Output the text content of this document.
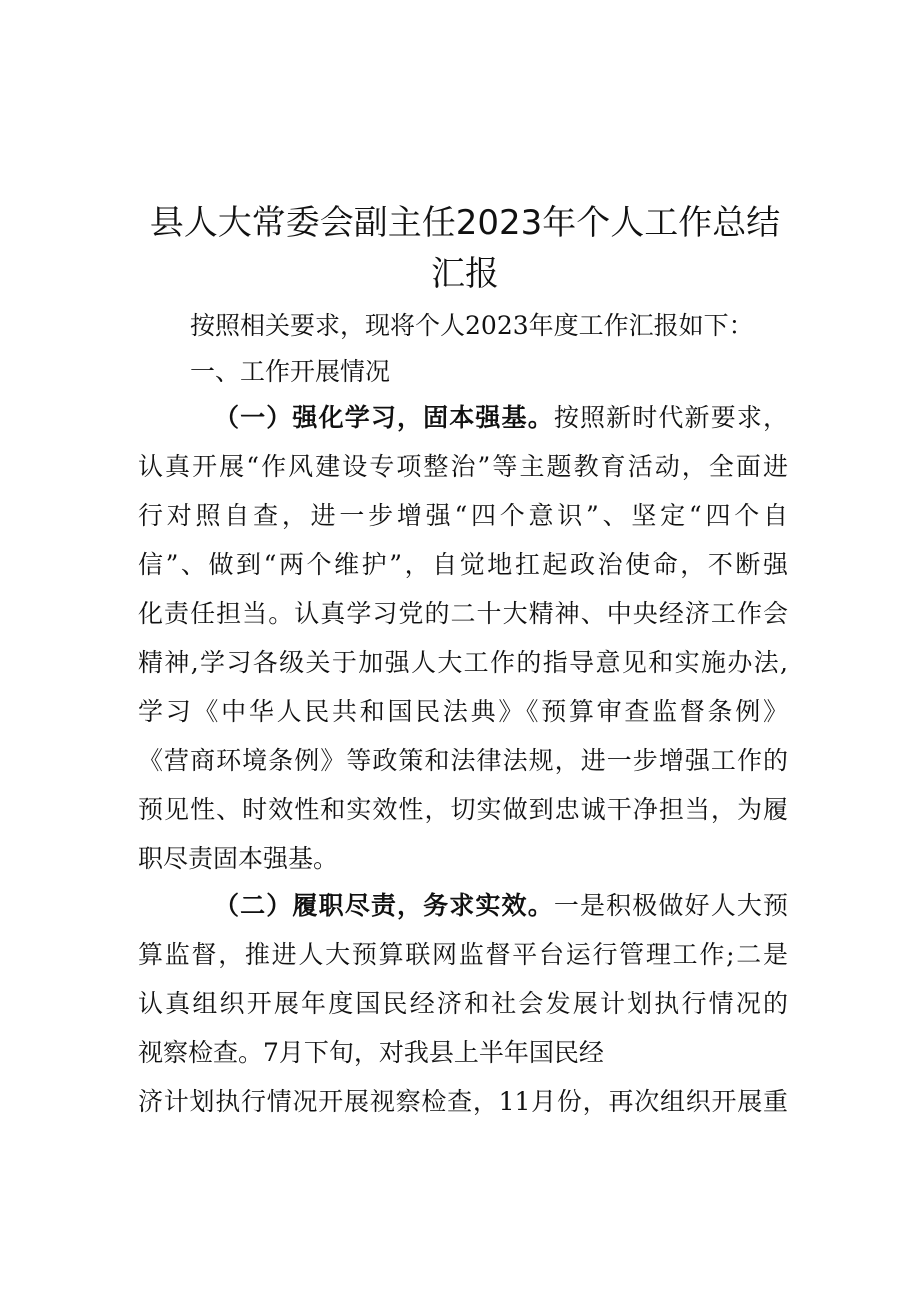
县人大常委会副主任2023年个人工作总结
汇报
按照相关要求，现将个人2023年度工作汇报如下：
一、工作开展情况
（一）强化学习，固本强基。按照新时代新要求，
认真开展“作风建设专项整治”等主题教育活动，全面进
行对照自查，进一步增强“四个意识”、坚定“四个自
信”、做到“两个维护”，自觉地扛起政治使命，不断强
化责任担当。认真学习党的二十大精神、中央经济工作会
精神,学习各级关于加强人大工作的指导意见和实施办法,
学习《中华人民共和国民法典》《预算审查监督条例》
《营商环境条例》等政策和法律法规，进一步增强工作的
预见性、时效性和实效性，切实做到忠诚干净担当，为履
职尽责固本强基。
（二）履职尽责，务求实效。一是积极做好人大预
算监督，推进人大预算联网监督平台运行管理工作;二是
认真组织开展年度国民经济和社会发展计划执行情况的
视察检查。7月下旬，对我县上半年国民经
济计划执行情况开展视察检查，11月份，再次组织开展重
